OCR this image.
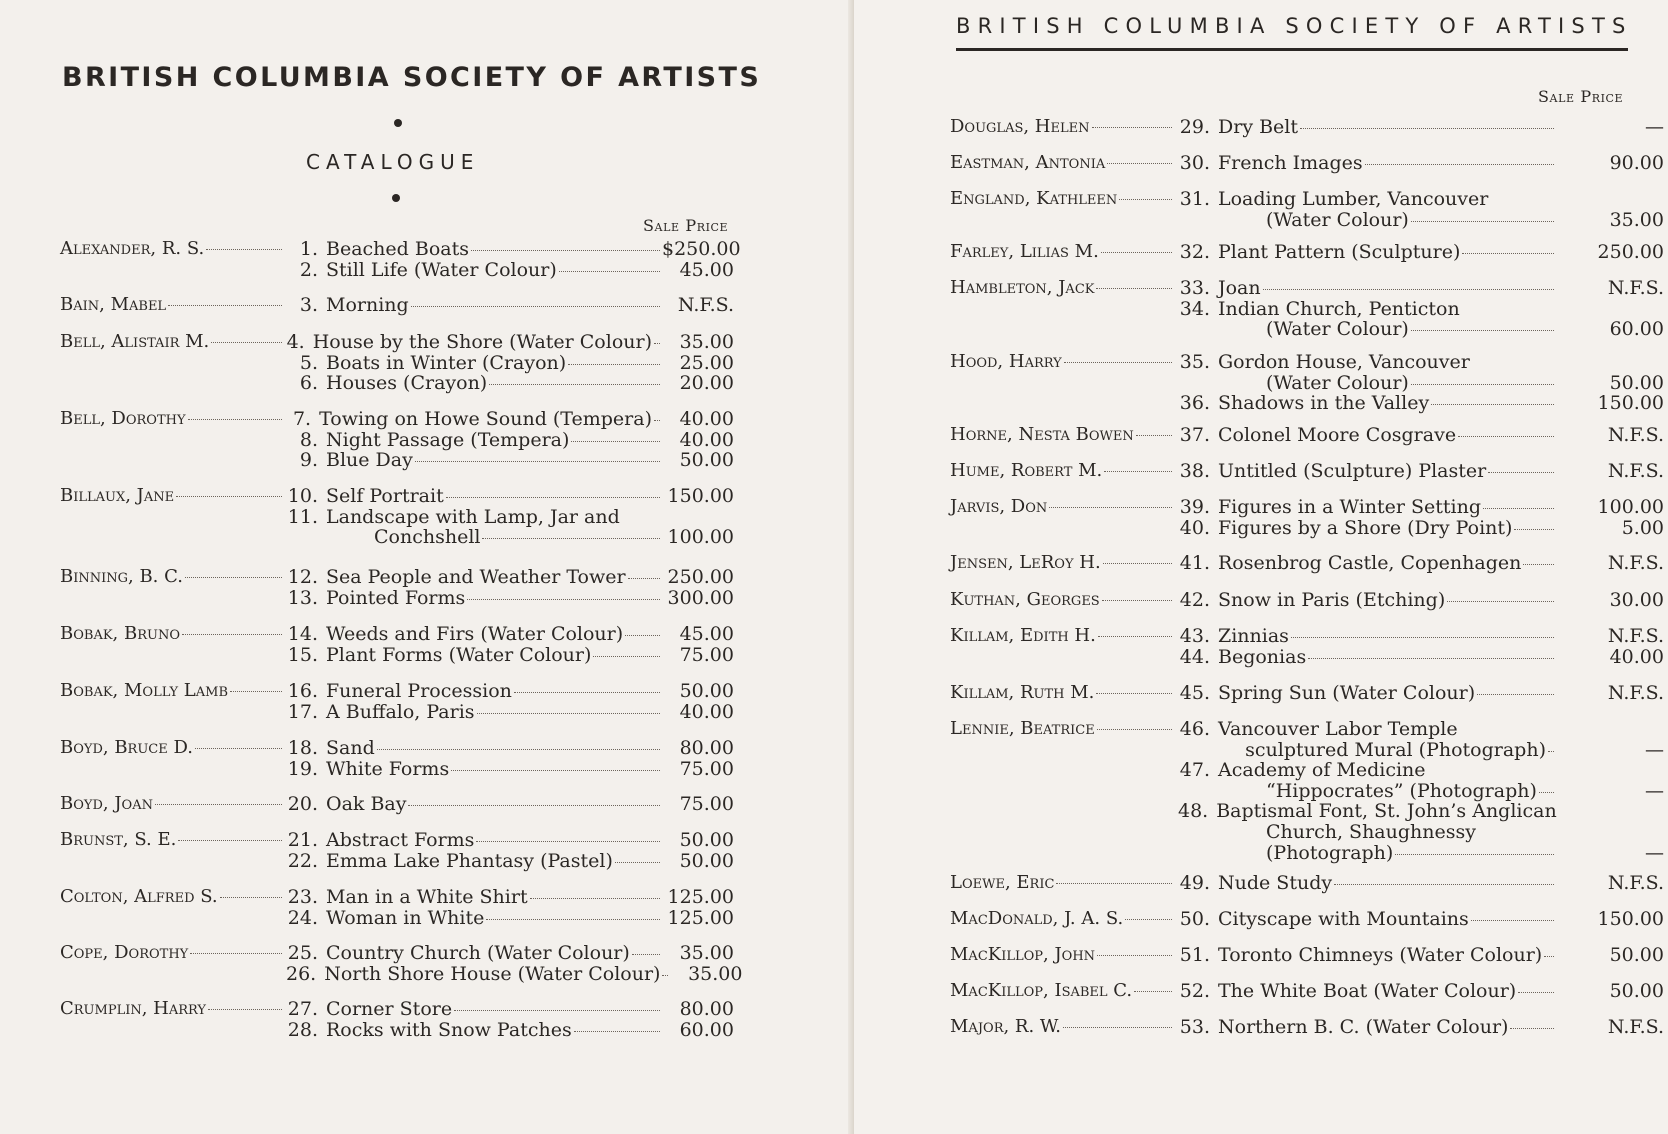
BRITISH COLUMBIA SOCIETY OF ARTISTS
CATALOGUE
Sale Price
Alexander, R. S.	1. Beached Boats	$250.00
2. Still Life (Water Colour)	45.00
Bain, Mabel	3. Morning	N.F.S.
Bell, Alistair M.	4. House by the Shore (Water Colour)	35.00
5. Boats in Winter (Crayon)	25.00
6. Houses (Crayon)	20.00
Bell, Dorothy	7. Towing on Howe Sound (Tempera)	40.00
8. Night Passage (Tempera)	40.00
9. Blue Day	50.00
Billaux, Jane	10. Self Portrait	150.00
11. Landscape with Lamp, Jar and
Conchshell	100.00
Binning, B. C.	12. Sea People and Weather Tower 250.00
13. Pointed Forms	300.00
Bobak, Bruno	14. Weeds and Firs (Water Colour)	45.00
15. Plant Forms (Water Colour)	75.00
Bobak, Molly Lamb	16. Funeral Procession	50.00
17. A Buffalo, Paris	40.00
Boyd, Bruce D.	18. Sand	80.00
19. White Forms	75.00
Boyd, Joan	20. Oak Bay	75.00
Brunst, S. E.	21. Abstract Forms	50.00
22. Emma Lake Phantasy (Pastel)	50.00
Colton, Alfred S.	23. Man in a White Shirt	125.00
24. Woman in White	125.00
Cope, Dorothy	25. Country Church (Water Colour)	35.00
26. North Shore House (Water Colour)	35.00
Crumplin, Harry	27. Corner Store	80.00
28. Rocks with Snow Patches	60.00
BRITISH COLUMBIA SOCIETY OF ARTISTS
Sale Price
Douglas, Helen	29. Dry Belt	—
Eastman, Antonia	30. French Images	90.00
England, Kathleen	31. Loading Lumber, Vancouver
(Water Colour)	35.00
Farley, Lilias M.	32. Plant Pattern (Sculpture)	250.00
Hambleton, Jack	33. Joan	N.F.S.
34. Indian Church, Penticton
(Water Colour)	60.00
Hood, Harry	35. Gordon House, Vancouver
(Water Colour)	50.00
36. Shadows in the Valley	150.00
Horne, Nesta Bowen 37. Colonel Moore Cosgrave	N.F.S.
Hume, Robert M.	38. Untitled (Sculpture) Plaster	N.F.S.
Jarvis, Don	39. Figures in a Winter Setting	100.00
40. Figures by a Shore (Dry Point)	5.00
Jensen, LeRoy H.	41. Rosenbrog Castle, Copenhagen	N.F.S.
Kuthan, Georges	42. Snow in Paris (Etching)	30.00
Killam, Edith H.	43. Zinnias	N.F.S.
44. Begonias	40.00
Killam, Ruth M.	45. Spring Sun (Water Colour)	N.F.S.
Lennie, Beatrice	46. Vancouver Labor Temple
sculptured Mural (Photograph)	—
47. Academy of Medicine
“Hippocrates” (Photograph)	—
48. Baptismal Font, St. John’s Anglican
Church, Shaughnessy
(Photograph)	—
Loewe, Eric	49. Nude Study	N.F.S.
MacDonald, J. A. S.	50. Cityscape with Mountains	150.00
MacKillop, John	51. Toronto Chimneys (Water Colour)	50.00
MacKillop, Isabel C.	52. The White Boat (Water Colour)	50.00
Major, R. W.	53. Northern B. C. (Water Colour)	N.F.S.
